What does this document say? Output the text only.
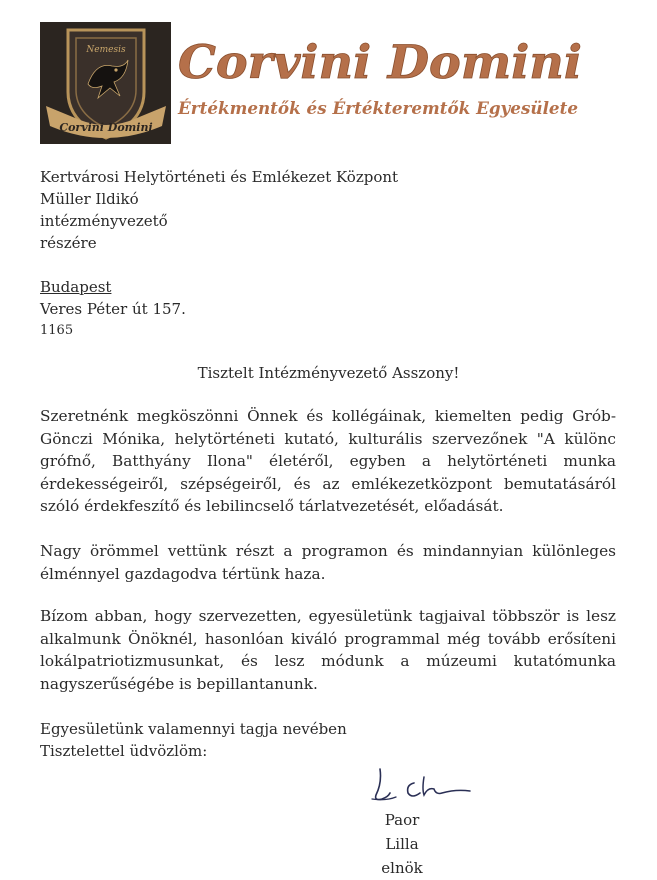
Nemesis
Corvini Domini
Corvini Domini
Értékmentők és Értékteremtők Egyesülete
Kertvárosi Helytörténeti és Emlékezet Központ
Müller Ildikó
intézményvezető
részére
Budapest
Veres Péter út 157.
1165
Tisztelt Intézményvezető Asszony!
Szeretnénk megköszönni Önnek és kollégáinak, kiemelten pedig Grób-Gönczi Mónika, helytörténeti kutató, kulturális szervezőnek "A különc grófnő, Batthyány Ilona" életéről, egyben a helytörténeti munka érdekességeiről, szépségeiről, és az emlékezetközpont bemutatásáról szóló érdekfeszítő és lebilincselő tárlatvezetését, előadását.
Nagy örömmel vettünk részt a programon és mindannyian különleges élménnyel gazdagodva tértünk haza.
Bízom abban, hogy szervezetten, egyesületünk tagjaival többször is lesz alkalmunk Önöknél, hasonlóan kiváló programmal még tovább erősíteni lokálpatriotizmusunkat, és lesz módunk a múzeumi kutatómunka nagyszerűségébe is bepillantanunk.
Egyesületünk valamennyi tagja nevében
Tisztelettel üdvözlöm:
Paor Lilla
elnök
